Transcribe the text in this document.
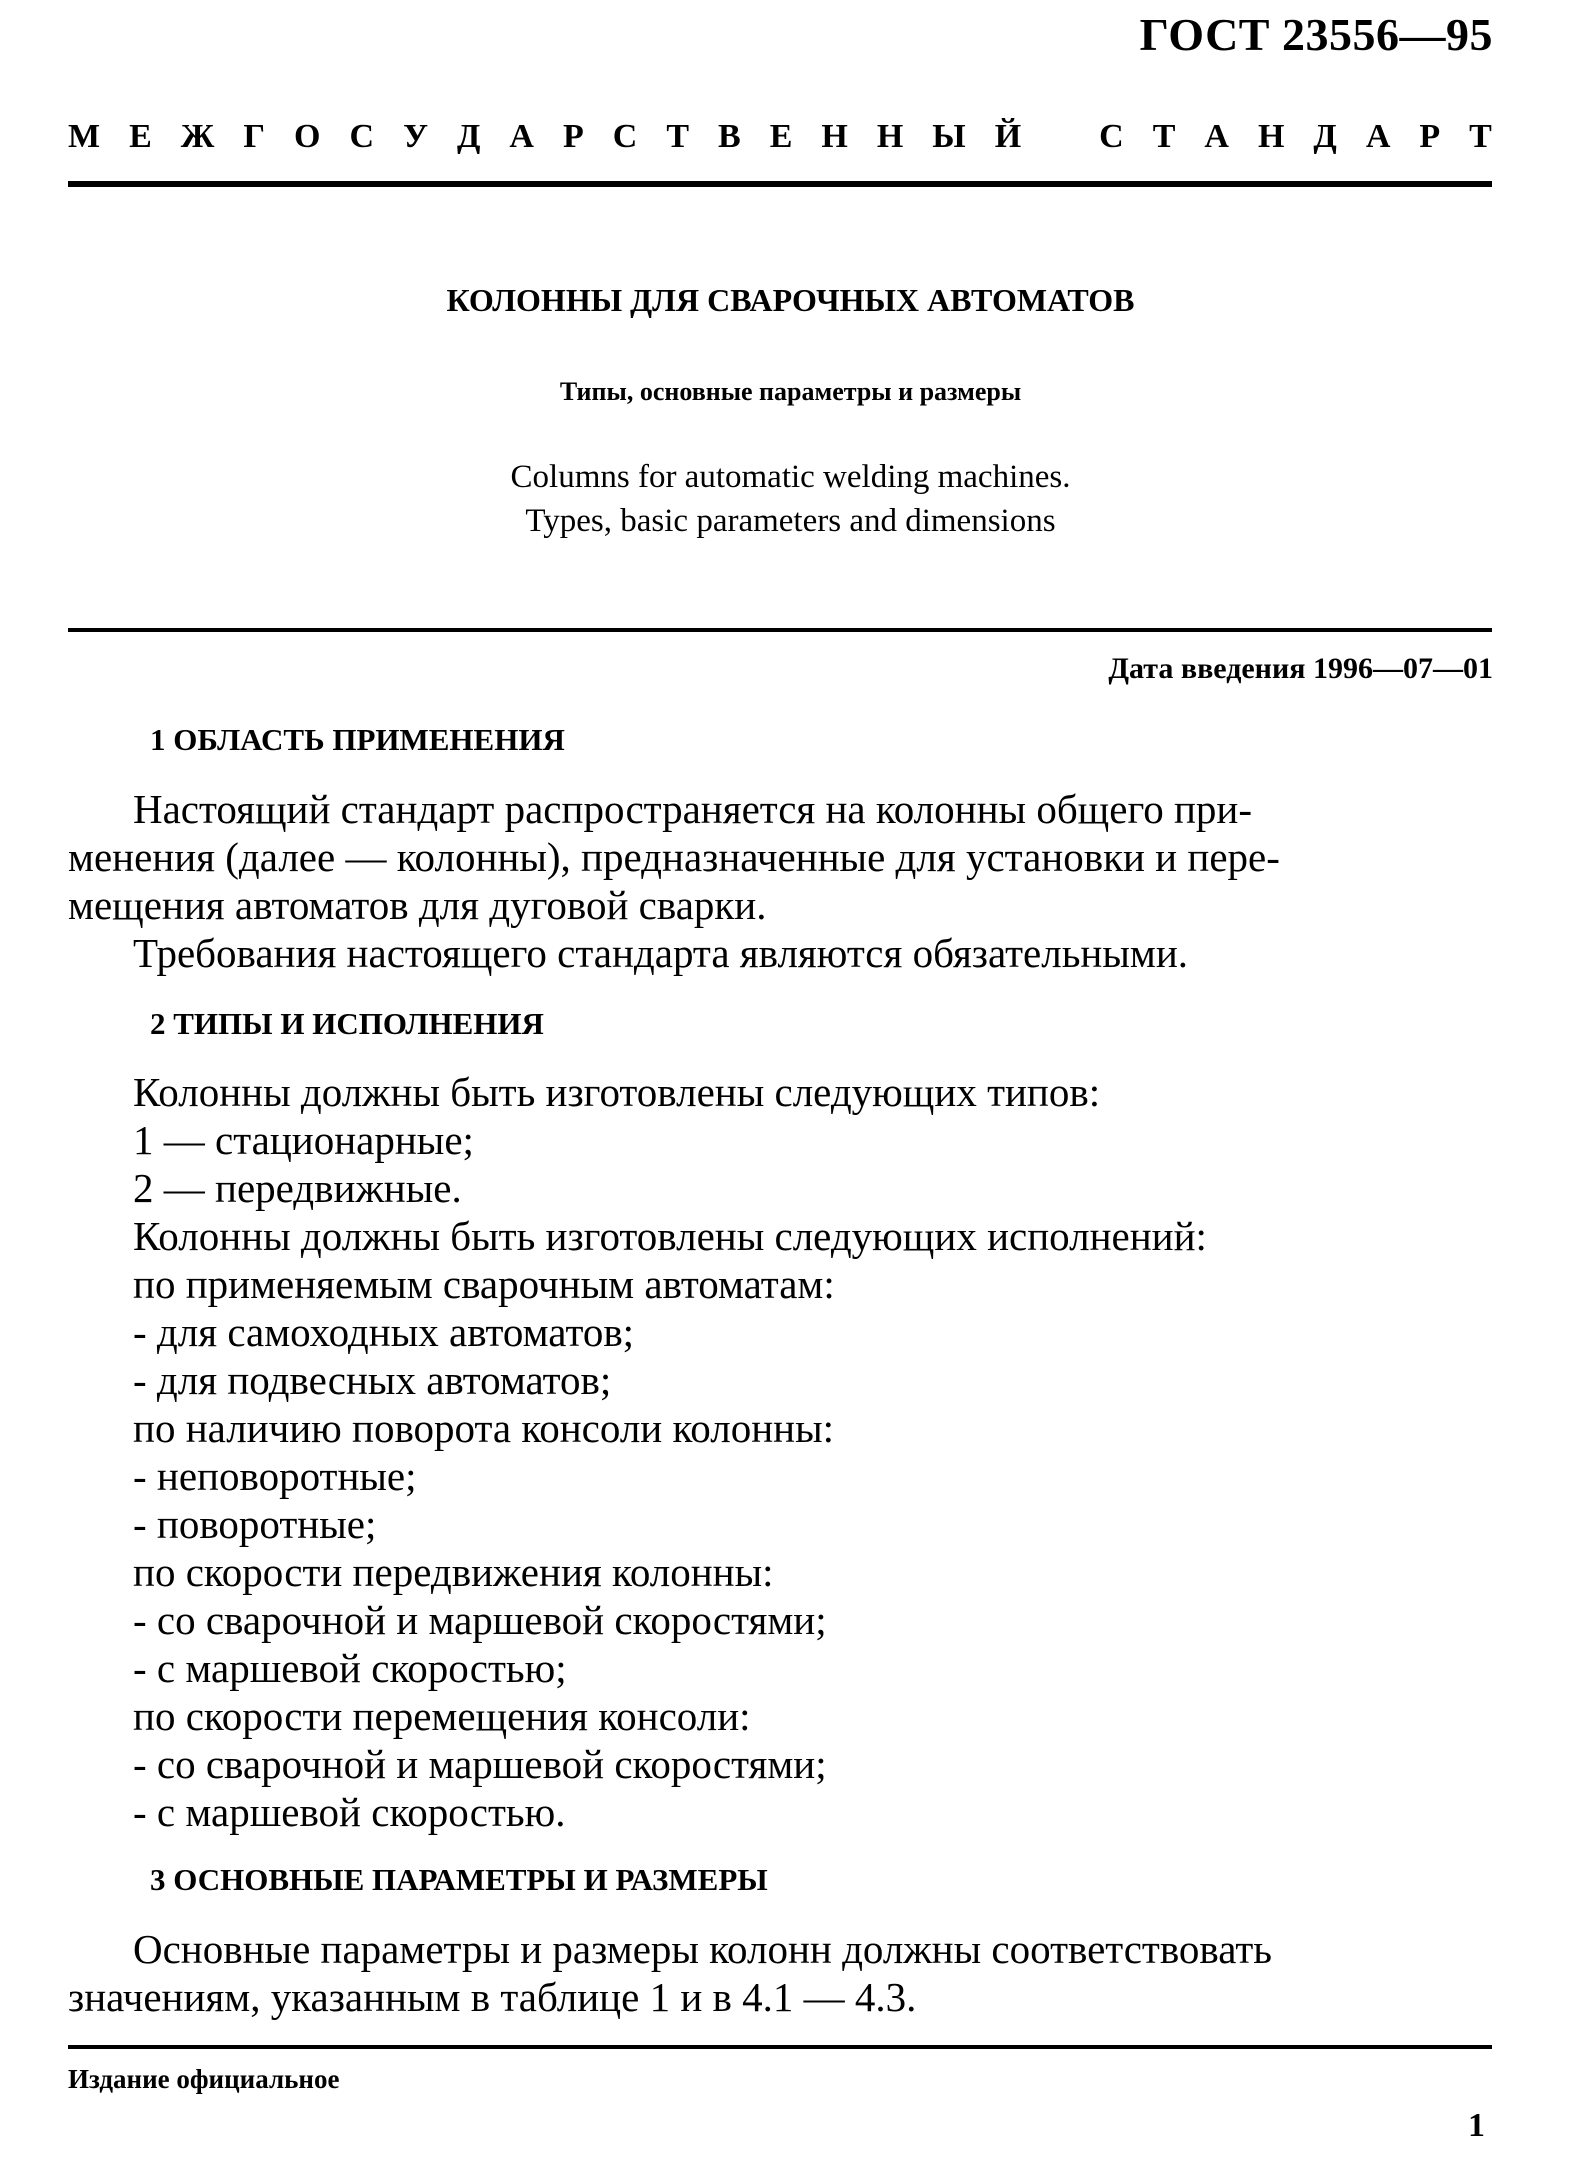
ГОСТ 23556—95
М Е Ж Г О С У Д А Р С Т В Е Н Н Ы Й С Т А Н Д А Р Т
КОЛОННЫ ДЛЯ СВАРОЧНЫХ АВТОМАТОВ
Типы, основные параметры и размеры
Columns for automatic welding machines.
Types, basic parameters and dimensions
Дата введения 1996—07—01
1 ОБЛАСТЬ ПРИМЕНЕНИЯ
Настоящий стандарт распространяется на колонны общего при-
менения (далее — колонны), предназначенные для установки и пере-
мещения автоматов для дуговой сварки.
Требования настоящего стандарта являются обязательными.
2 ТИПЫ И ИСПОЛНЕНИЯ
Колонны должны быть изготовлены следующих типов:
1 — стационарные;
2 — передвижные.
Колонны должны быть изготовлены следующих исполнений:
по применяемым сварочным автоматам:
- для самоходных автоматов;
- для подвесных автоматов;
по наличию поворота консоли колонны:
- неповоротные;
- поворотные;
по скорости передвижения колонны:
- со сварочной и маршевой скоростями;
- с маршевой скоростью;
по скорости перемещения консоли:
- со сварочной и маршевой скоростями;
- с маршевой скоростью.
3 ОСНОВНЫЕ ПАРАМЕТРЫ И РАЗМЕРЫ
Основные параметры и размеры колонн должны соответствовать
значениям, указанным в таблице 1 и в 4.1 — 4.3.
Издание официальное
1
